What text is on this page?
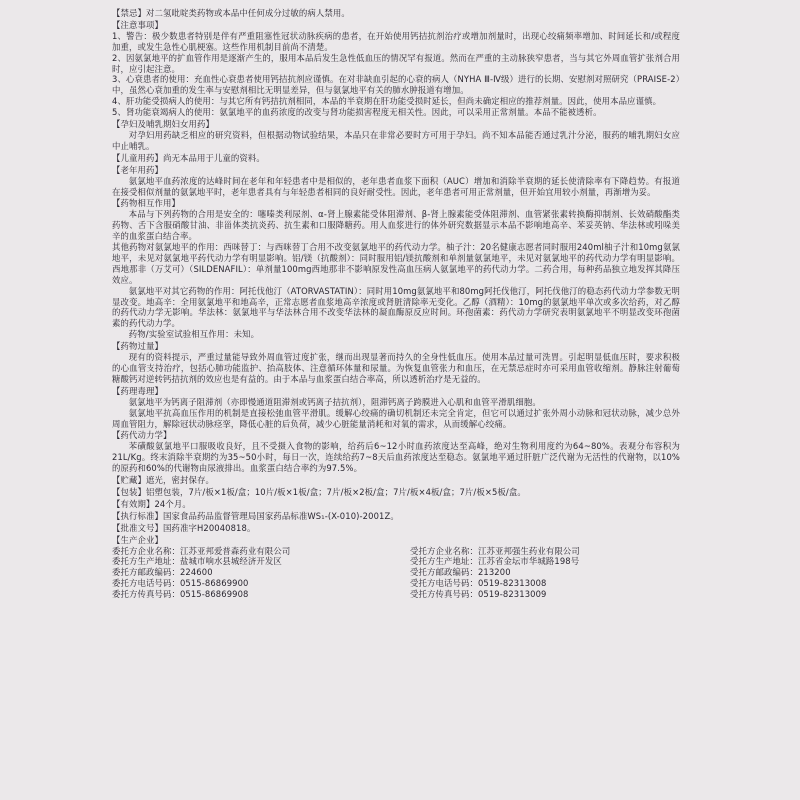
【禁忌】对二氢吡啶类药物或本品中任何成分过敏的病人禁用。

【注意事项】

1、警告：极少数患者特别是伴有严重阻塞性冠状动脉疾病的患者，在开始使用钙拮抗剂治疗或增加剂量时，出现心绞痛频率增加、时间延长和/或程度加重，或发生急性心肌梗塞。这些作用机制目前尚不清楚。

2、因氨氯地平的扩血管作用是逐渐产生的，服用本品后发生急性低血压的情况罕有报道。然而在严重的主动脉狭窄患者，当与其它外周血管扩张剂合用时，应引起注意。

3、心衰患者的使用：充血性心衰患者使用钙拮抗剂应谨慎。在对非缺血引起的心衰的病人（NYHA Ⅲ-Ⅳ级）进行的长期、安慰剂对照研究（PRAISE-2）中，虽然心衰加重的发生率与安慰剂相比无明显差异，但与氨氯地平有关的肺水肿报道有增加。

4、肝功能受损病人的使用：与其它所有钙拮抗剂相同，本品的半衰期在肝功能受损时延长，但尚未确定相应的推荐剂量。因此，使用本品应谨慎。

5、肾功能衰竭病人的使用：氨氯地平的血药浓度的改变与肾功能损害程度无相关性。因此，可以采用正常剂量。本品不能被透析。

【孕妇及哺乳期妇女用药】

对孕妇用药缺乏相应的研究资料，但根据动物试验结果，本品只在非常必要时方可用于孕妇。尚不知本品能否通过乳汁分泌，服药的哺乳期妇女应中止哺乳。

【儿童用药】尚无本品用于儿童的资料。

【老年用药】

氨氯地平血药浓度的达峰时间在老年和年轻患者中是相似的，老年患者血浆下面积（AUC）增加和消除半衰期的延长使清除率有下降趋势。有报道在接受相似剂量的氨氯地平时，老年患者具有与年轻患者相同的良好耐受性。因此，老年患者可用正常剂量，但开始宜用较小剂量，再渐增为妥。

【药物相互作用】

本品与下列药物的合用是安全的：噻嗪类利尿剂、α-肾上腺素能受体阻滞剂、β-肾上腺素能受体阻滞剂、血管紧张素转换酶抑制剂、长效硝酸酯类药物、舌下含服硝酸甘油、非甾体类抗炎药、抗生素和口服降糖药。用人血浆进行的体外研究数据显示本品不影响地高辛、苯妥英钠、华法林或吲哚美辛的血浆蛋白结合率。

其他药物对氨氯地平的作用：西咪替丁：与西咪替丁合用不改变氨氯地平的药代动力学。柚子汁：20名健康志愿者同时服用240ml柚子汁和10mg氨氯地平，未见对氨氯地平药代动力学有明显影响。铝/镁（抗酸剂）：同时服用铝/镁抗酸剂和单剂量氨氯地平，未见对氨氯地平的药代动力学有明显影响。西地那非（万艾可）（SILDENAFIL）：单剂量100mg西地那非不影响原发性高血压病人氨氯地平的药代动力学。二药合用，每种药品独立地发挥其降压效应。

氨氯地平对其它药物的作用：阿托伐他汀（ATORVASTATIN）：同时用10mg氨氯地平和80mg阿托伐他汀，阿托伐他汀的稳态药代动力学参数无明显改变。地高辛：全用氨氯地平和地高辛，正常志愿者血浆地高辛浓度或肾脏清除率无变化。乙醇（酒精）：10mg的氨氯地平单次或多次给药，对乙醇的药代动力学无影响。华法林：氨氯地平与华法林合用不改变华法林的凝血酶原反应时间。环孢菌素：药代动力学研究表明氨氯地平不明显改变环孢菌素的药代动力学。

药物/实验室试验相互作用：未知。

【药物过量】

现有的资料提示，严重过量能导致外周血管过度扩张，继而出现显著而持久的全身性低血压。使用本品过量可洗胃。引起明显低血压时，要求积极的心血管支持治疗，包括心肺功能监护、抬高肢体、注意循环体量和尿量。为恢复血管张力和血压，在无禁忌症时亦可采用血管收缩剂。静脉注射葡萄糖酸钙对逆转钙拮抗剂的效应也是有益的。由于本品与血浆蛋白结合率高，所以透析治疗是无益的。

【药理毒理】

氨氯地平为钙离子阻滞剂（亦即慢通道阻滞剂或钙离子拮抗剂），阻滞钙离子跨膜进入心肌和血管平滑肌细胞。

氨氯地平抗高血压作用的机制是直接松弛血管平滑肌。缓解心绞痛的确切机制还未完全肯定，但它可以通过扩张外周小动脉和冠状动脉，减少总外周血管阻力，解除冠状动脉痉挛，降低心脏的后负荷，减少心脏能量消耗和对氧的需求，从而缓解心绞痛。

【药代动力学】

苯磺酸氨氯地平口服吸收良好，且不受摄入食物的影响，给药后6~12小时血药浓度达至高峰，绝对生物利用度约为64~80%。表观分布容积为21L/Kg。终末消除半衰期约为35~50小时，每日一次，连续给药7~8天后血药浓度达至稳态。氨氯地平通过肝脏广泛代谢为无活性的代谢物，以10%的原药和60%的代谢物由尿液排出。血浆蛋白结合率约为97.5%。

【贮藏】遮光，密封保存。

【包装】铝塑包装，7片/板×1板/盒；10片/板×1板/盒；7片/板×2板/盒；7片/板×4板/盒；7片/板×5板/盒。

【有效期】24个月。

【执行标准】国家食品药品监督管理局国家药品标准WS₁-(X-010)-2001Z。

【批准文号】国药准字H20040818。

【生产企业】

委托方企业名称：江苏亚邦爱普森药业有限公司
委托方生产地址：盐城市响水县城经济开发区
委托方邮政编码：224600
委托方电话号码：0515-86869900
委托方传真号码：0515-86869908
受托方企业名称：江苏亚邦强生药业有限公司
受托方生产地址：江苏省金坛市华城路198号
受托方邮政编码：213200
受托方电话号码：0519-82313008
受托方传真号码：0519-82313009
